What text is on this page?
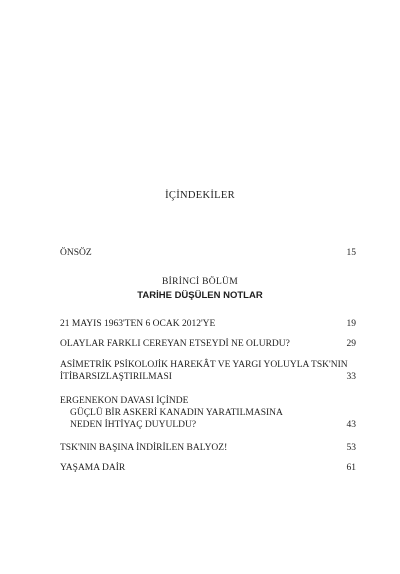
İÇİNDEKİLER
ÖNSÖZ	15
BİRİNCİ BÖLÜM
TARİHE DÜŞÜLEN NOTLAR
21 MAYIS 1963'TEN 6 OCAK 2012'YE	19
OLAYLAR FARKLI CEREYAN ETSEYDİ NE OLURDU?	29
ASİMETRİK PSİKOLOJİK HAREKÂT VE YARGI YOLUYLA TSK'NIN
İTİBARSIZLAŞTIRILMASI	33
ERGENEKON DAVASI İÇİNDE
GÜÇLÜ BİR ASKERİ KANADIN YARATILMASINA
NEDEN İHTİYAÇ DUYULDU?	43
TSK'NIN BAŞINA İNDİRİLEN BALYOZ!	53
YAŞAMA DAİR	61
